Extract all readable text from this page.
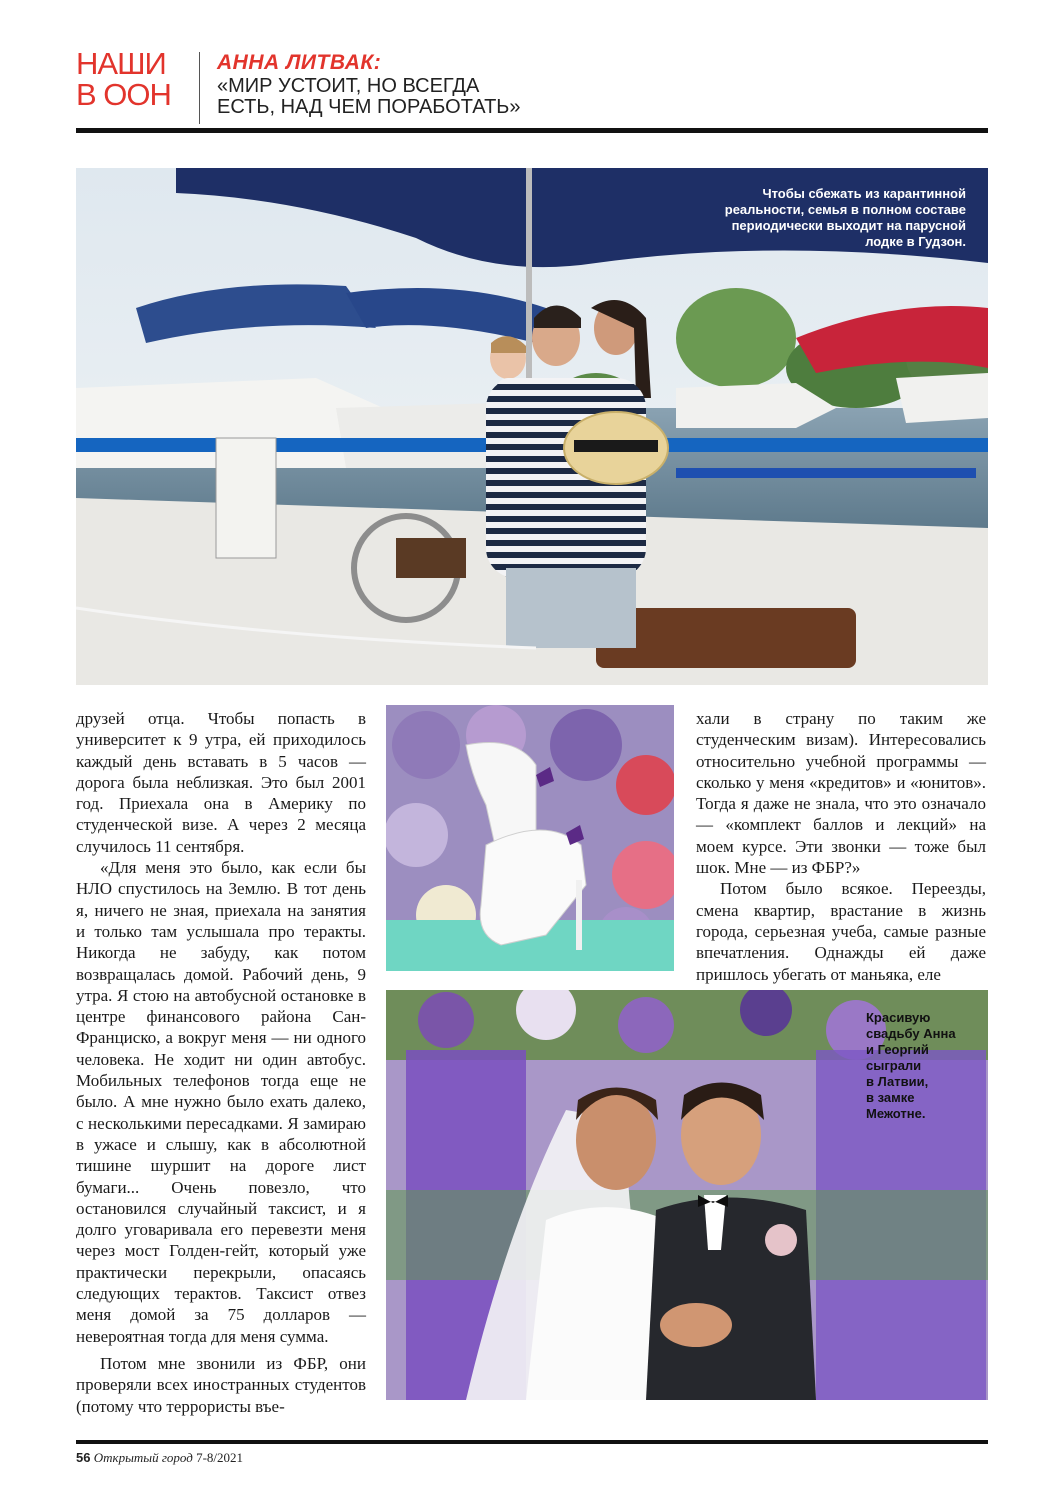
НАШИ
В ООН
АННА ЛИТВАК:
«МИР УСТОИТ, НО ВСЕГДА
ЕСТЬ, НАД ЧЕМ ПОРАБОТАТЬ»
Чтобы сбежать из карантинной
реальности, семья в полном составе
периодически выходит на парусной
лодке в Гудзон.
Красивую
свадьбу Анна
и Георгий
сыграли
в Латвии,
в замке
Межотне.

друзей отца. Чтобы попасть в университет к 9 утра, ей приходилось каждый день вставать в 5 часов — дорога была неблизкая. Это был 2001 год. Приехала она в Америку по студенческой визе. А через 2 месяца случилось 11 сентября.

«Для меня это было, как если бы НЛО спустилось на Землю. В тот день я, ничего не зная, приехала на занятия и только там услышала про теракты. Никогда не забуду, как потом возвращалась домой. Рабочий день, 9 утра. Я стою на автобусной остановке в центре финансового района Сан-Франциско, а вокруг меня — ни одного человека. Не ходит ни один автобус. Мобильных телефонов тогда еще не было. А мне нужно было ехать далеко, с несколькими пересадками. Я замираю в ужасе и слышу, как в абсолютной тишине шуршит на дороге лист бумаги... Очень повезло, что остановился случайный таксист, и я долго уговаривала его перевезти меня через мост Голден-гейт, который уже практически перекрыли, опасаясь следующих терактов. Таксист отвез меня домой за 75 долларов — невероятная тогда для меня сумма.

Потом мне звонили из ФБР, они проверяли всех иностранных студентов (потому что террористы въе-

хали в страну по таким же студенческим визам). Интересовались относительно учебной программы — сколько у меня «кредитов» и «юнитов». Тогда я даже не знала, что это означало — «комплект баллов и лекций» на моем курсе. Эти звонки — тоже был шок. Мне — из ФБР?»

Потом было всякое. Переезды, смена квартир, врастание в жизнь города, серьезная учеба, самые разные впечатления. Однажды ей даже пришлось убегать от маньяка, еле

56 Открытый город 7-8/2021
